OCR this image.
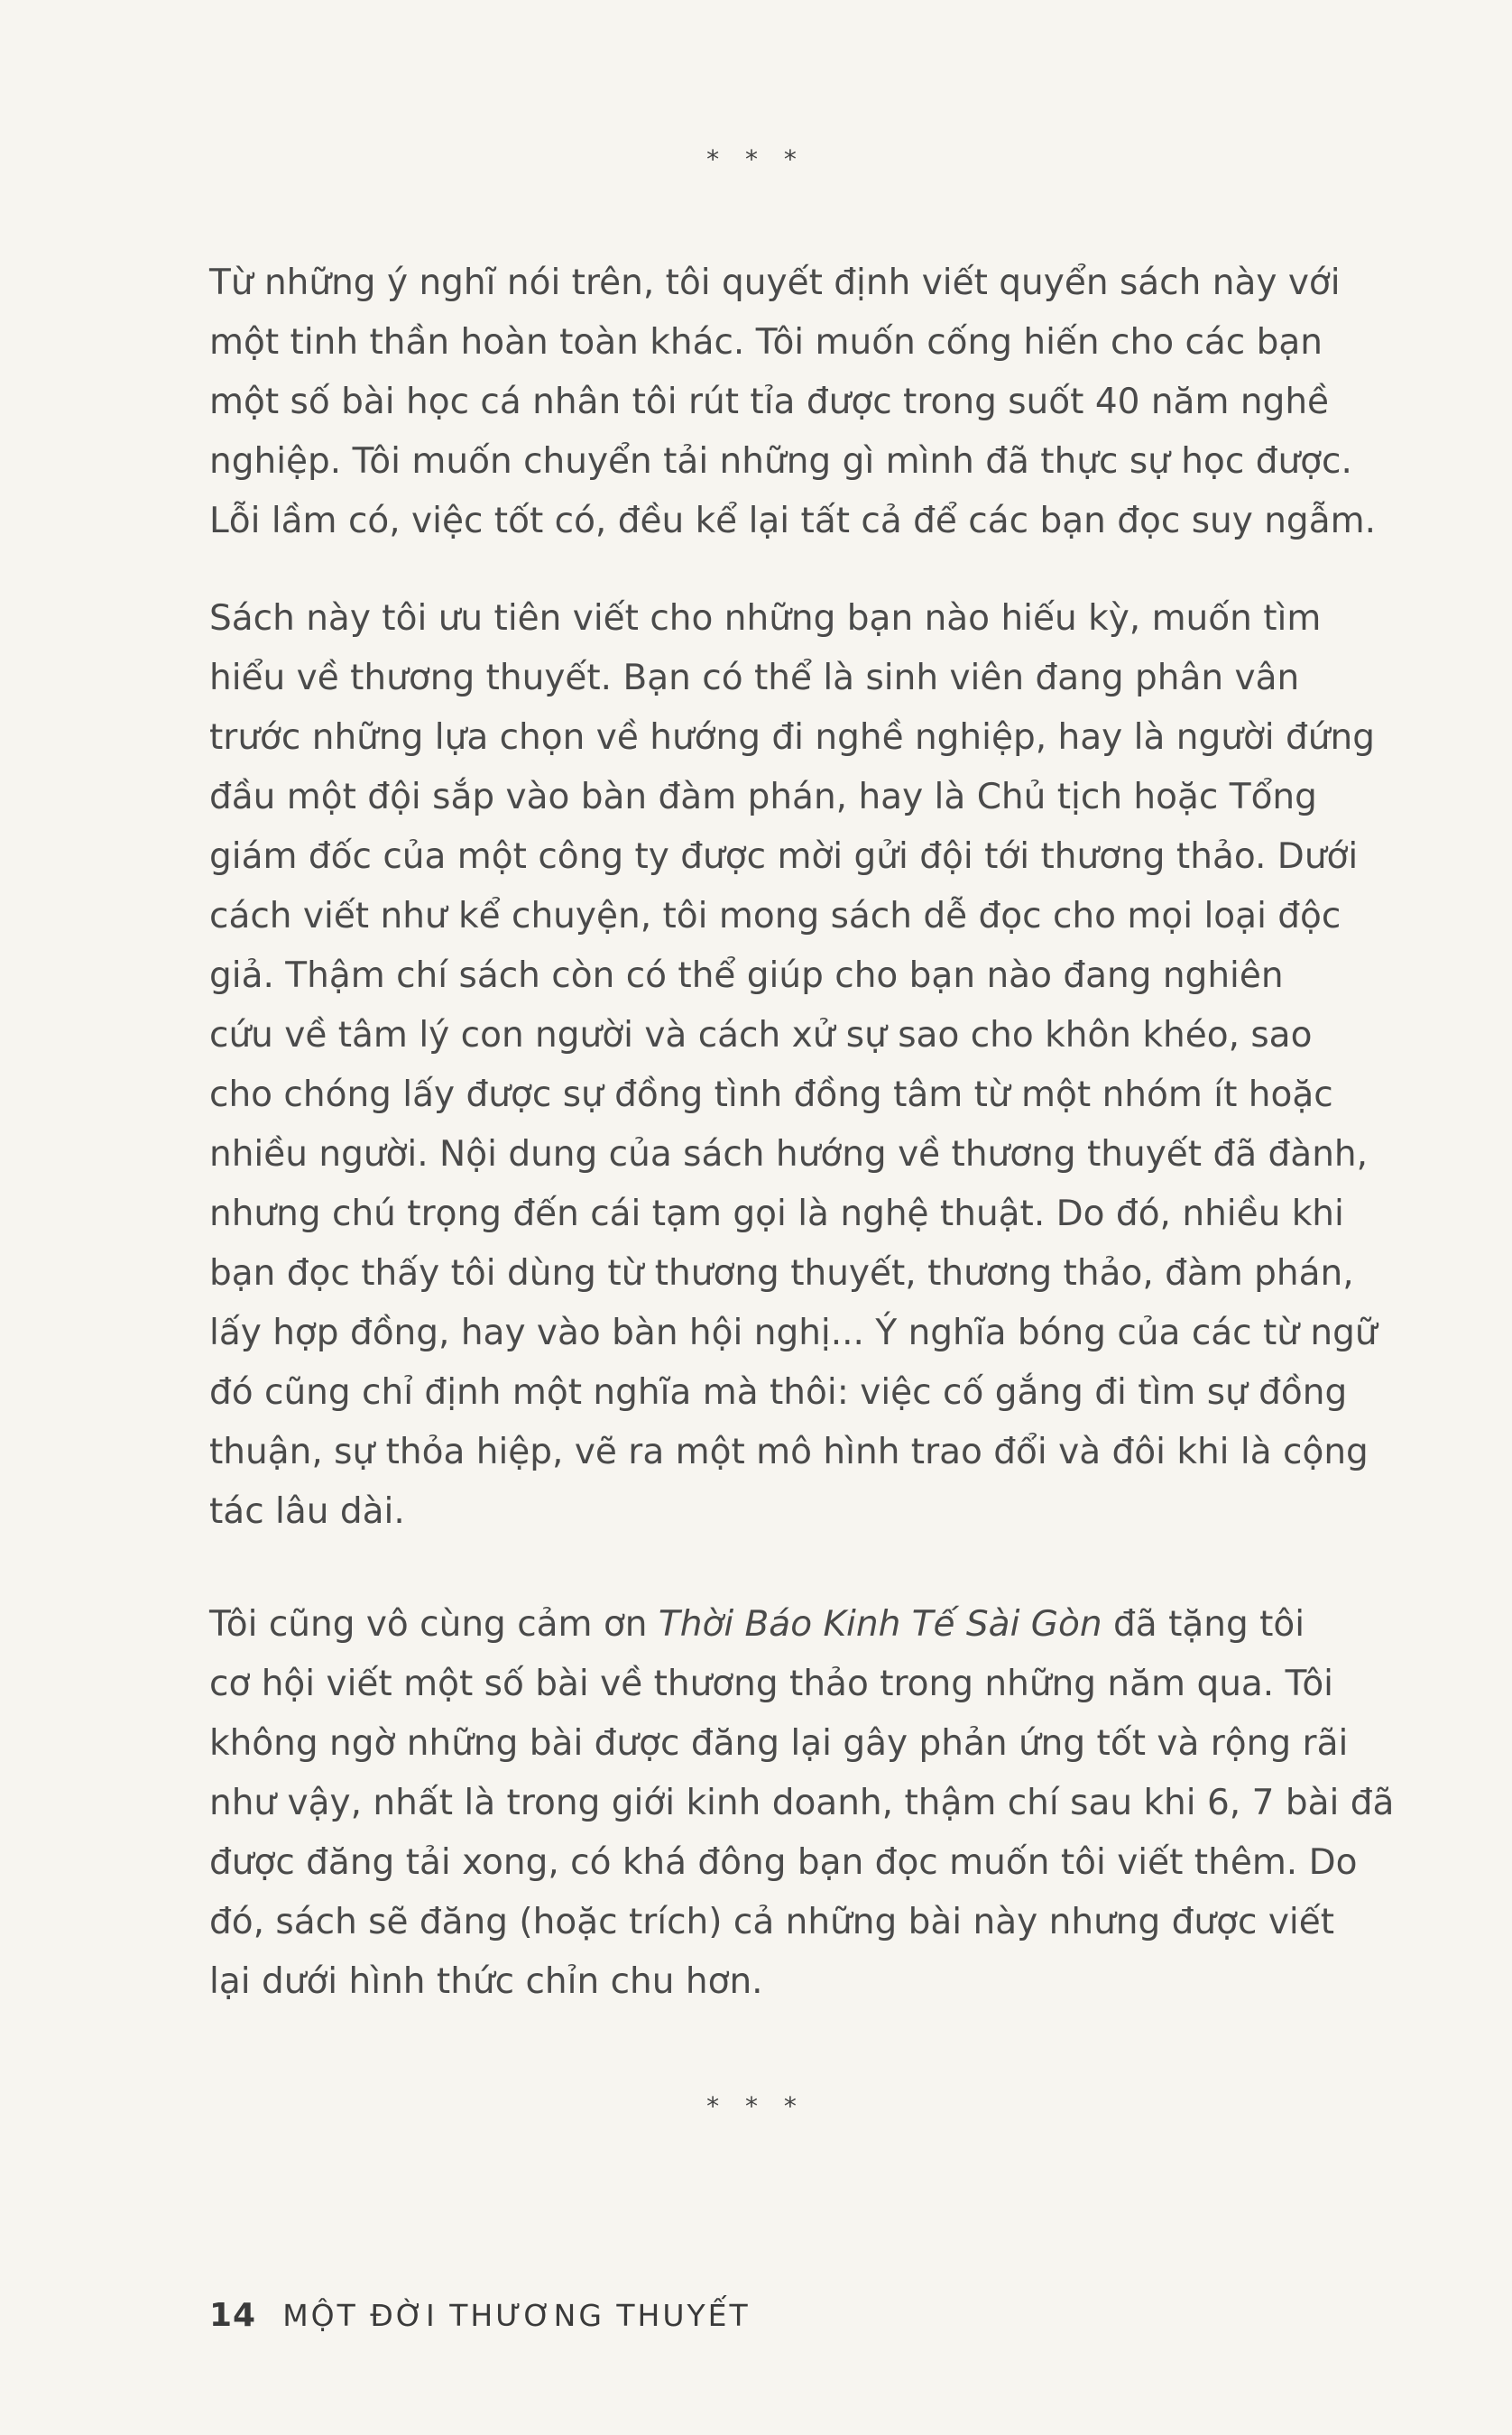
* * *

Từ những ý nghĩ nói trên, tôi quyết định viết quyển sách này với
một tinh thần hoàn toàn khác. Tôi muốn cống hiến cho các bạn
một số bài học cá nhân tôi rút tỉa được trong suốt 40 năm nghề
nghiệp. Tôi muốn chuyển tải những gì mình đã thực sự học được.
Lỗi lầm có, việc tốt có, đều kể lại tất cả để các bạn đọc suy ngẫm.

Sách này tôi ưu tiên viết cho những bạn nào hiếu kỳ, muốn tìm
hiểu về thương thuyết. Bạn có thể là sinh viên đang phân vân
trước những lựa chọn về hướng đi nghề nghiệp, hay là người đứng
đầu một đội sắp vào bàn đàm phán, hay là Chủ tịch hoặc Tổng
giám đốc của một công ty được mời gửi đội tới thương thảo. Dưới
cách viết như kể chuyện, tôi mong sách dễ đọc cho mọi loại độc
giả. Thậm chí sách còn có thể giúp cho bạn nào đang nghiên
cứu về tâm lý con người và cách xử sự sao cho khôn khéo, sao
cho chóng lấy được sự đồng tình đồng tâm từ một nhóm ít hoặc
nhiều người. Nội dung của sách hướng về thương thuyết đã đành,
nhưng chú trọng đến cái tạm gọi là nghệ thuật. Do đó, nhiều khi
bạn đọc thấy tôi dùng từ thương thuyết, thương thảo, đàm phán,
lấy hợp đồng, hay vào bàn hội nghị... Ý nghĩa bóng của các từ ngữ
đó cũng chỉ định một nghĩa mà thôi: việc cố gắng đi tìm sự đồng
thuận, sự thỏa hiệp, vẽ ra một mô hình trao đổi và đôi khi là cộng
tác lâu dài.

Tôi cũng vô cùng cảm ơn Thời Báo Kinh Tế Sài Gòn đã tặng tôi
cơ hội viết một số bài về thương thảo trong những năm qua. Tôi
không ngờ những bài được đăng lại gây phản ứng tốt và rộng rãi
như vậy, nhất là trong giới kinh doanh, thậm chí sau khi 6, 7 bài đã
được đăng tải xong, có khá đông bạn đọc muốn tôi viết thêm. Do
đó, sách sẽ đăng (hoặc trích) cả những bài này nhưng được viết
lại dưới hình thức chỉn chu hơn.

* * *
14 MỘT ĐỜI THƯƠNG THUYẾT
